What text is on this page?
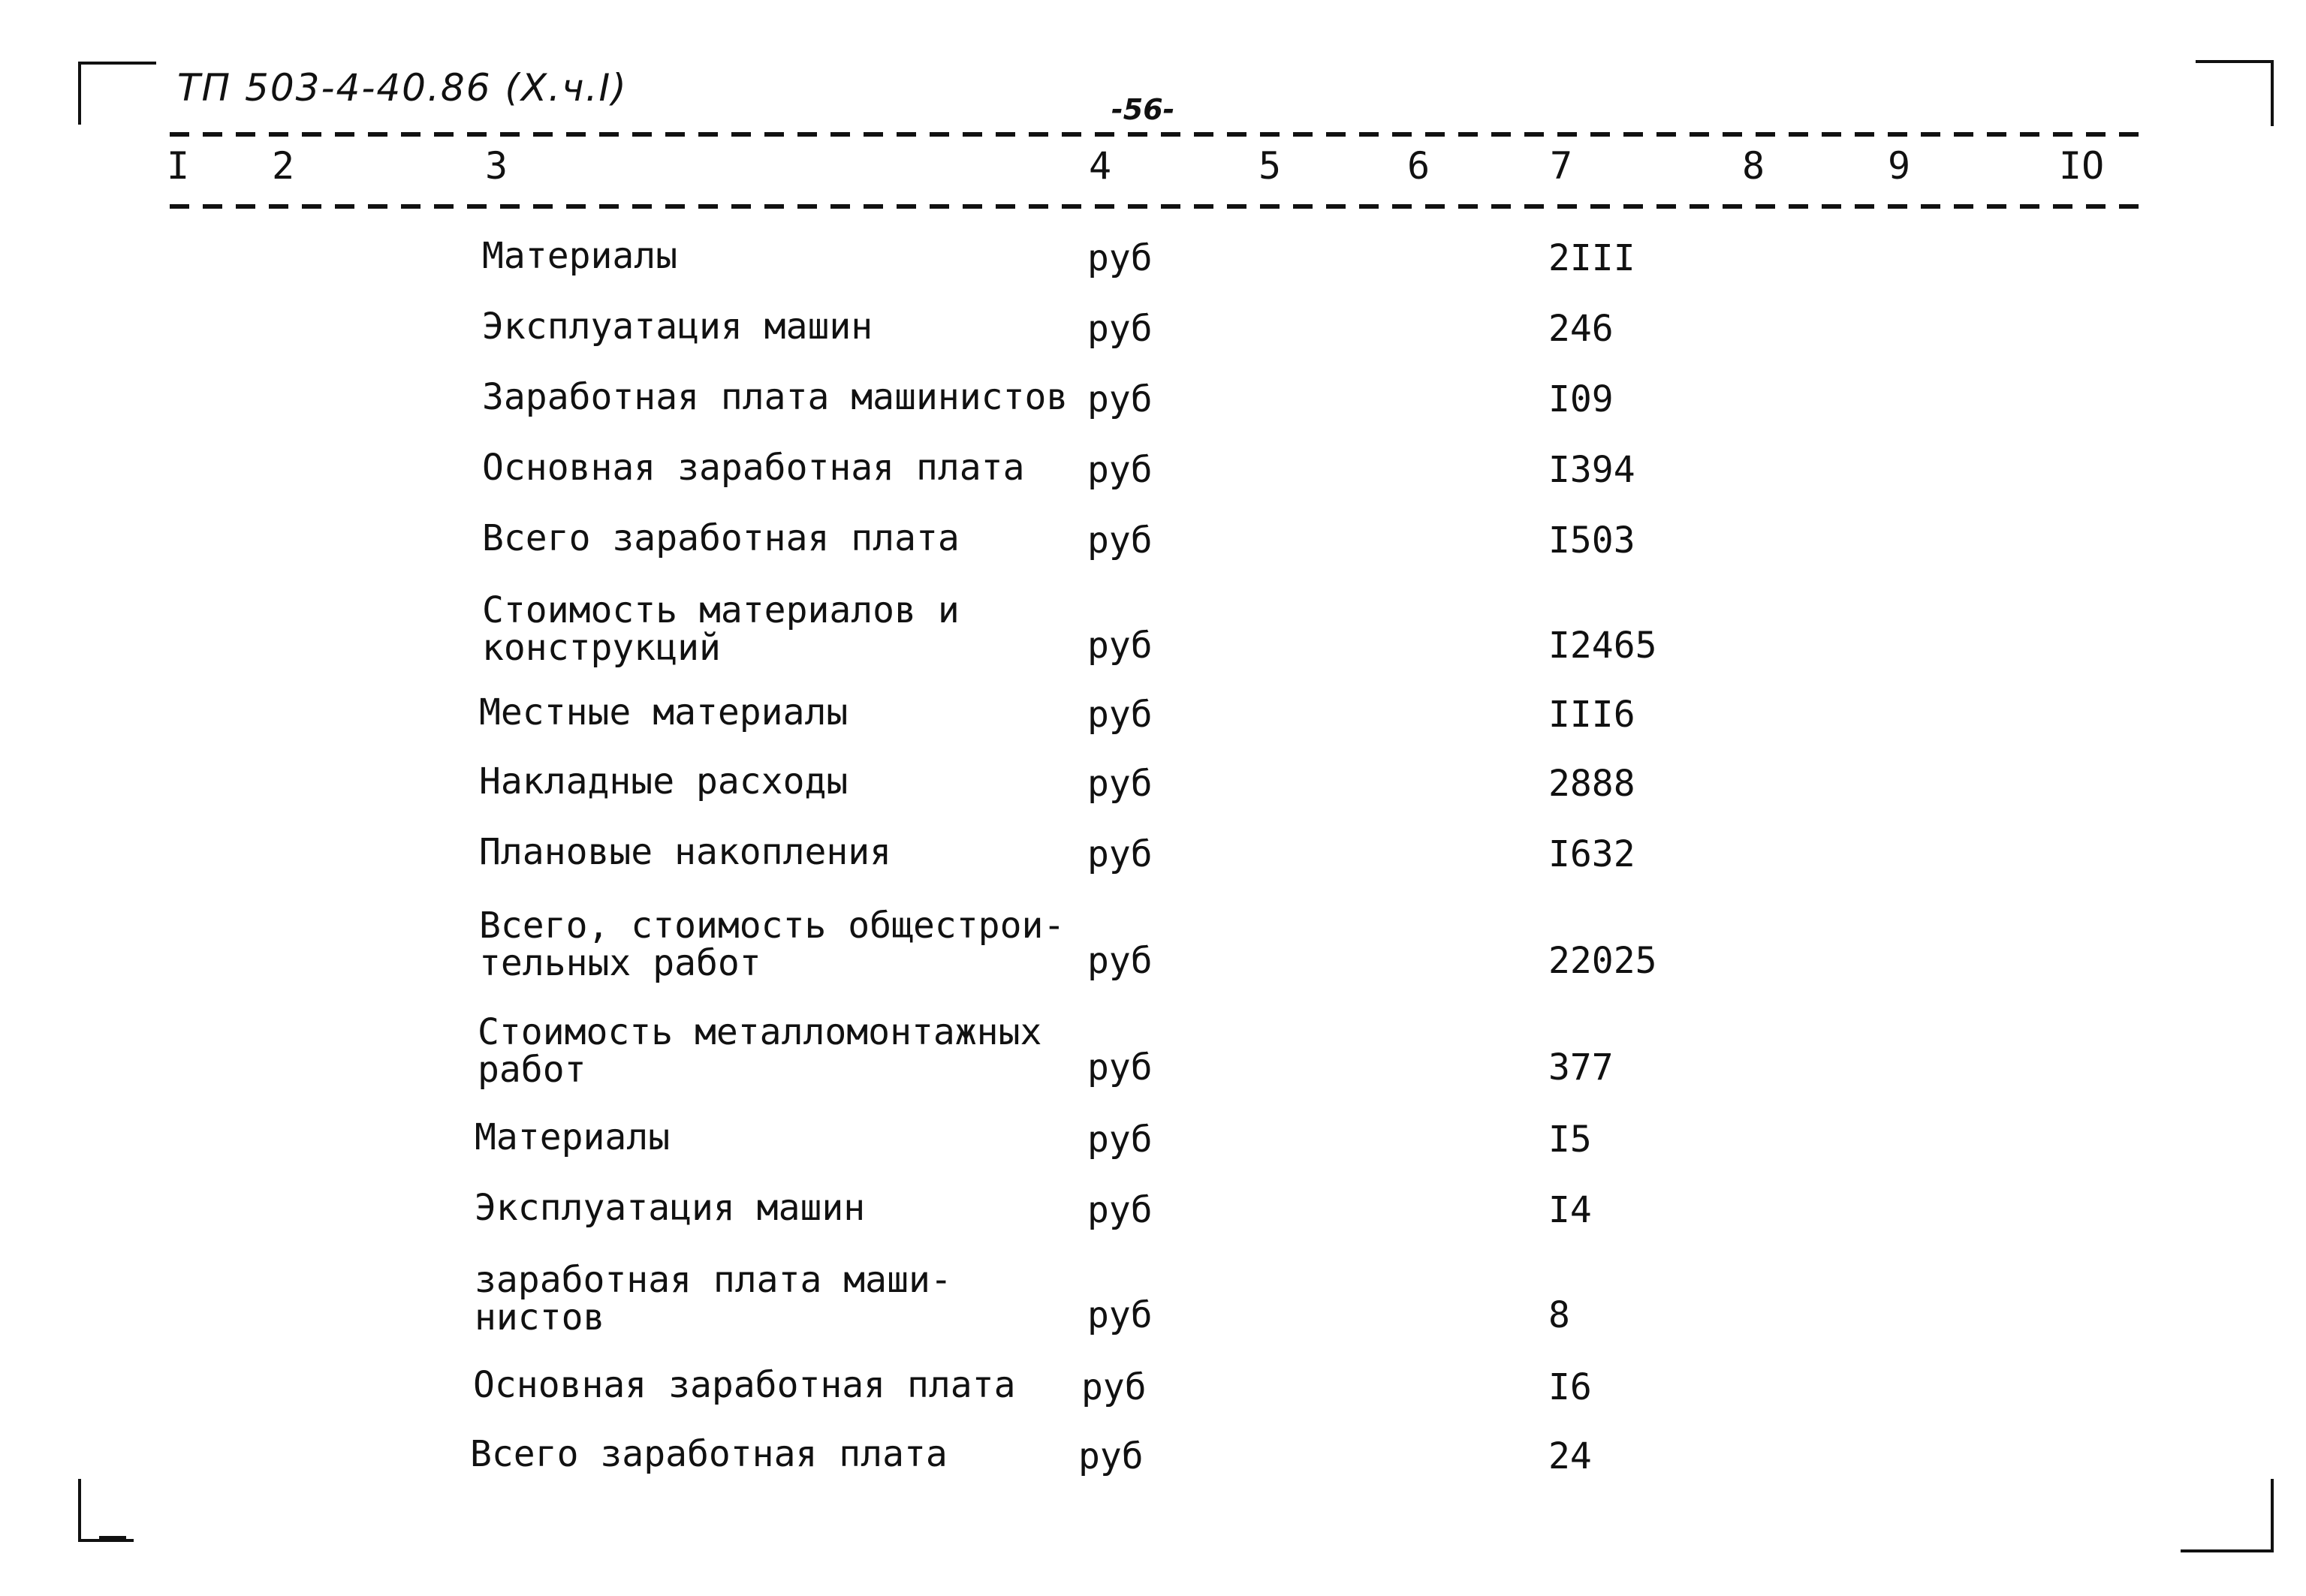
ТП 503-4-40.86 (Х.ч.I)	-56-
I 2	3	4	5	6	7	8	9	IO
Материалы	руб	2III
Эксплуатация машин	руб	246
Заработная плата машинистов руб	I09
Основная заработная плата	руб	I394
Всего заработная плата	руб	I503
Стоимость материалов и
конструкций	руб	I2465
Местные материалы	руб	III6
Накладные расходы	руб	2888
Плановые накопления	руб	I632
Всего, стоимость общестрои-
тельных работ	руб	22025
Стоимость металломонтажных
работ	руб	377
Материалы	руб	I5
Эксплуатация машин	руб	I4
заработная плата маши-
нистов	руб	8
Основная заработная плата	руб	I6
Всего заработная плата	руб	24
